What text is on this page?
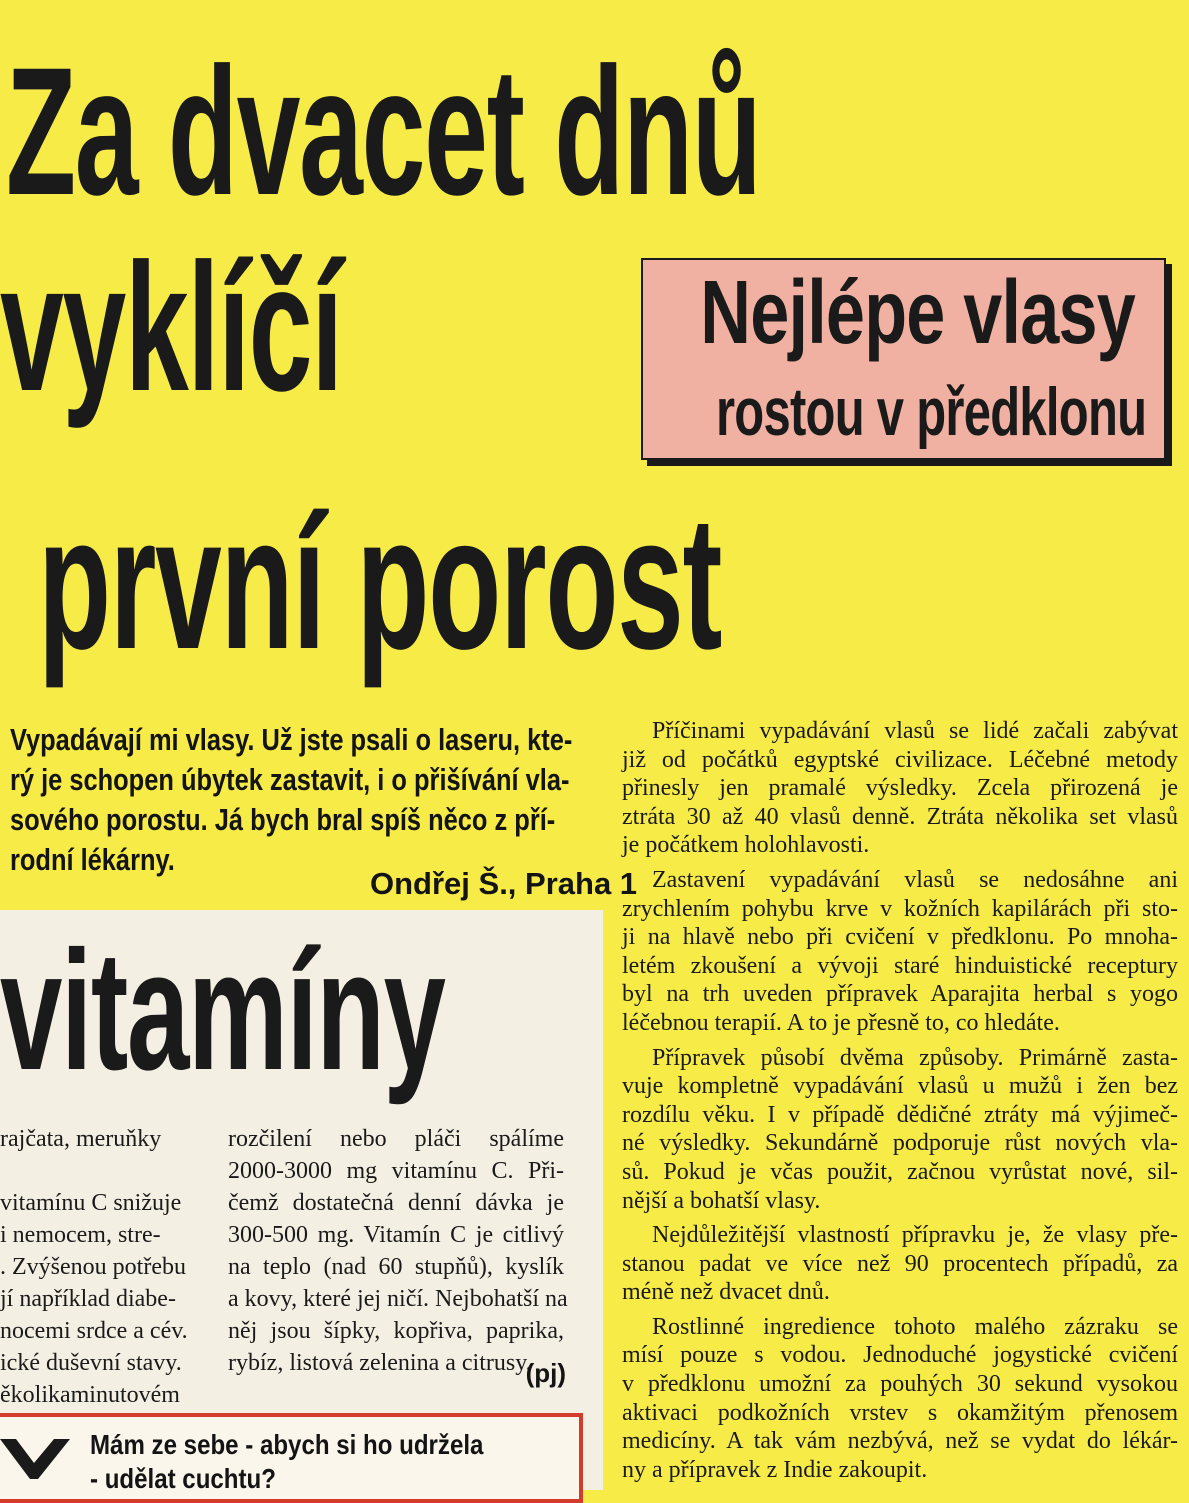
Za dvacet dnů
vyklíčí
první porost
Nejlépe vlasy
rostou v předklonu
Vypadávají mi vlasy. Už jste psali o laseru, kte-
rý je schopen úbytek zastavit, i o přišívání vla-
sového porostu. Já bych bral spíš něco z pří-
rodní lékárny.
Ondřej Š., Praha 1
vitamíny
rajčata, meruňky
vitamínu C snižuje
i nemocem, stre-
. Zvýšenou potřebu
jí například diabe-
nocemi srdce a cév.
ické duševní stavy.
ěkolikaminutovém
rozčilení nebo pláči spálíme
2000-3000 mg vitamínu C. Při-
čemž dostatečná denní dávka je
300-500 mg. Vitamín C je citlivý
na teplo (nad 60 stupňů), kyslík
a kovy, které jej ničí. Nejbohatší na
něj jsou šípky, kopřiva, paprika,
rybíz, listová zelenina a citrusy.
(pj)
Mám ze sebe - abych si ho udržela
- udělat cuchtu?
Příčinami vypadávání vlasů se lidé začali zabývat
již od počátků egyptské civilizace. Léčebné metody
přinesly jen pramalé výsledky. Zcela přirozená je
ztráta 30 až 40 vlasů denně. Ztráta několika set vlasů
je počátkem holohlavosti.
Zastavení vypadávání vlasů se nedosáhne ani
zrychlením pohybu krve v kožních kapilárách při sto-
ji na hlavě nebo při cvičení v předklonu. Po mnoha-
letém zkoušení a vývoji staré hinduistické receptury
byl na trh uveden přípravek Aparajita herbal s yogo
léčebnou terapií. A to je přesně to, co hledáte.
Přípravek působí dvěma způsoby. Primárně zasta-
vuje kompletně vypadávání vlasů u mužů i žen bez
rozdílu věku. I v případě dědičné ztráty má výjimeč-
né výsledky. Sekundárně podporuje růst nových vla-
sů. Pokud je včas použit, začnou vyrůstat nové, sil-
nější a bohatší vlasy.
Nejdůležitější vlastností přípravku je, že vlasy pře-
stanou padat ve více než 90 procentech případů, za
méně než dvacet dnů.
Rostlinné ingredience tohoto malého zázraku se
mísí pouze s vodou. Jednoduché jogystické cvičení
v předklonu umožní za pouhých 30 sekund vysokou
aktivaci podkožních vrstev s okamžitým přenosem
medicíny. A tak vám nezbývá, než se vydat do lékár-
ny a přípravek z Indie zakoupit.
